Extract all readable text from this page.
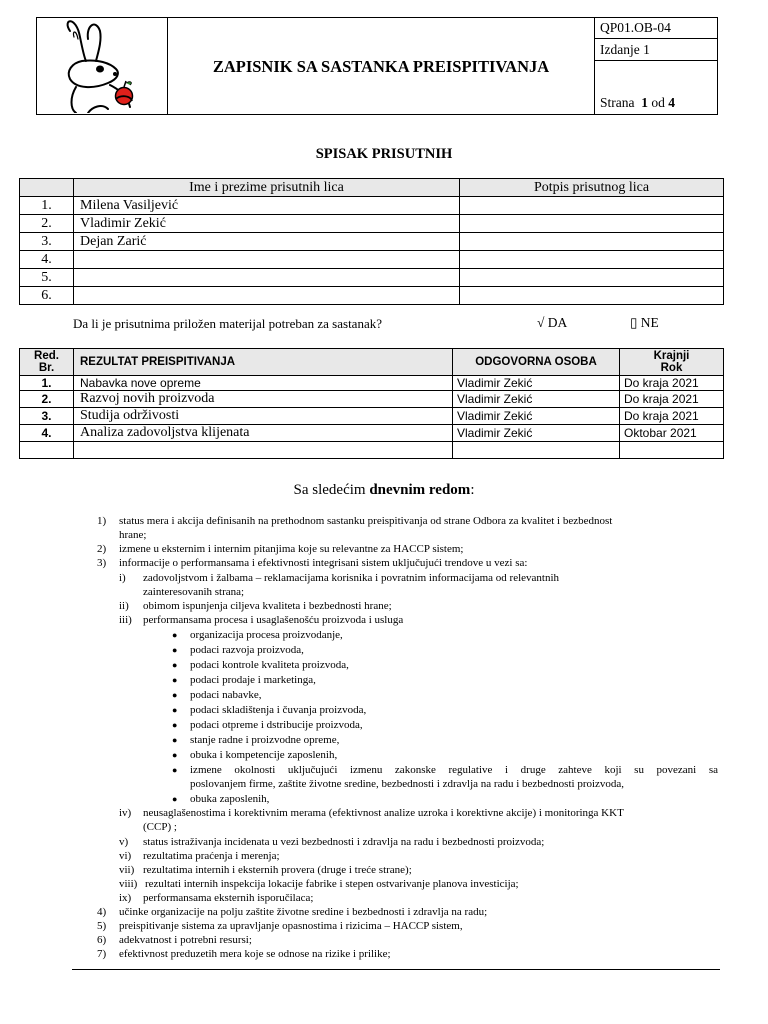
ZAPISNIK SA SASTANKA PREISPITIVANJA
QP01.OB-04
Izdanje 1
Strana 1 od 4
SPISAK PRISUTNIH
	Ime i prezime prisutnih lica	Potpis prisutnog lica
1.	Milena Vasiljević	
2.	Vladimir Zekić	
3.	Dejan Zarić	
4.		
5.		
6.		
Da li je prisutnima priložen materijal potreban za sastanak?	√ DA	▯ NE
Red.
Br.	REZULTAT PREISPITIVANJA	ODGOVORNA OSOBA	Krajnji
Rok
1.	Nabavka nove opreme	Vladimir Zekić	Do kraja 2021
2.	Razvoj novih proizvoda	Vladimir Zekić	Do kraja 2021
3.	Studija održivosti	Vladimir Zekić	Do kraja 2021
4.	Analiza zadovoljstva klijenata	Vladimir Zekić	Oktobar 2021

Sa sledećim dnevnim redom:
1) status mera i akcija definisanih na prethodnom sastanku preispitivanja od strane Odbora za kvalitet i bezbednost
hrane;
2) izmene u eksternim i internim pitanjima koje su relevantne za HACCP sistem;
3) informacije o performansama i efektivnosti integrisani sistem uključujući trendove u vezi sa:
i) zadovoljstvom i žalbama – reklamacijama korisnika i povratnim informacijama od relevantnih
zainteresovanih strana;
ii) obimom ispunjenja ciljeva kvaliteta i bezbednosti hrane;
iii) performansama procesa i usaglašenošću proizvoda i usluga
● organizacija procesa proizvodanje,
● podaci razvoja proizvoda,
● podaci kontrole kvaliteta proizvoda,
● podaci prodaje i marketinga,
● podaci nabavke,
● podaci skladištenja i čuvanja proizvoda,
● podaci otpreme i dstribucije proizvoda,
● stanje radne i proizvodne opreme,
● obuka i kompetencije zaposlenih,
● izmene okolnosti uključujući izmenu zakonske regulative i druge zahteve koji su povezani sa
poslovanjem firme, zaštite životne sredine, bezbednosti i zdravlja na radu i bezbednosti proizvoda,
● obuka zaposlenih,
iv) neusaglašenostima i korektivnim merama (efektivnost analize uzroka i korektivne akcije) i monitoringa KKT
(CCP) ;
v) status istraživanja incidenata u vezi bezbednosti i zdravlja na radu i bezbednosti proizvoda;
vi) rezultatima praćenja i merenja;
vii) rezultatima internih i eksternih provera (druge i treće strane);
viii) rezultati internih inspekcija lokacije fabrike i stepen ostvarivanje planova investicija;
ix) performansama eksternih isporučilaca;
4) učinke organizacije na polju zaštite životne sredine i bezbednosti i zdravlja na radu;
5) preispitivanje sistema za upravljanje opasnostima i rizicima – HACCP sistem,
6) adekvatnost i potrebni resursi;
7) efektivnost preduzetih mera koje se odnose na rizike i prilike;
